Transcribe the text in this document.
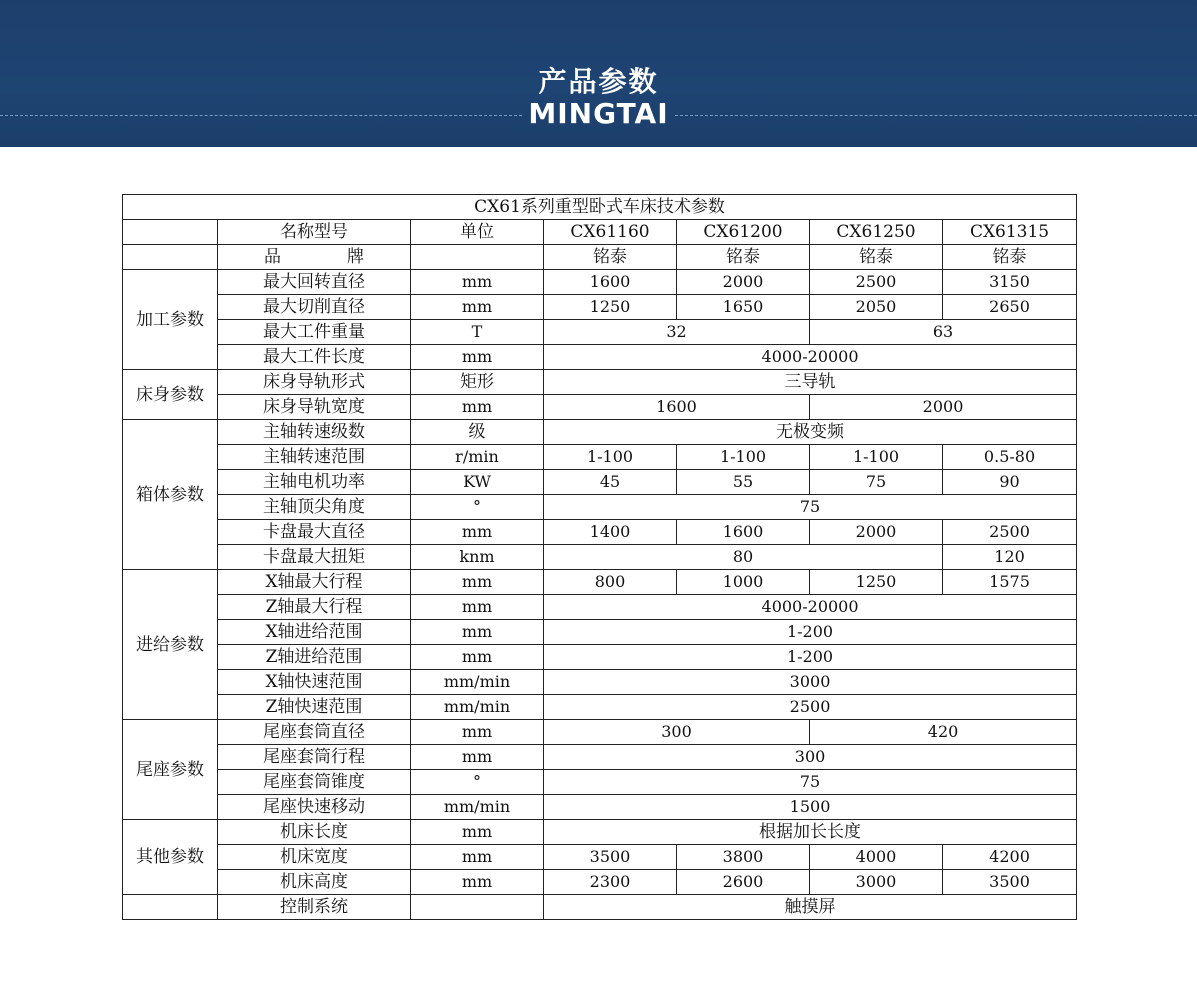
产品参数
MINGTAI
CX61系列重型卧式车床技术参数						
	名称型号	单位	CX61160	CX61200	CX61250	CX61315
	品 牌		铭泰	铭泰	铭泰	铭泰
加工参数	最大回转直径	mm	1600	2000	2500	3150
	最大切削直径	mm	1250	1650	2050	2650
	最大工件重量	T	32		63	
	最大工件长度	mm	4000-20000			
床身参数	床身导轨形式	矩形	三导轨			
	床身导轨宽度	mm	1600		2000	
箱体参数	主轴转速级数	级	无极变频			
	主轴转速范围	r/min	1-100	1-100	1-100	0.5-80
	主轴电机功率	KW	45	55	75	90
	主轴顶尖角度	°	75			
	卡盘最大直径	mm	1400	1600	2000	2500
	卡盘最大扭矩	knm	80			120
进给参数	X轴最大行程	mm	800	1000	1250	1575
	Z轴最大行程	mm	4000-20000			
	X轴进给范围	mm	1-200			
	Z轴进给范围	mm	1-200			
	X轴快速范围	mm/min	3000			
	Z轴快速范围	mm/min	2500			
尾座参数	尾座套筒直径	mm	300		420	
	尾座套筒行程	mm	300			
	尾座套筒锥度	°	75			
	尾座快速移动	mm/min	1500			
其他参数	机床长度	mm	根据加长长度			
	机床宽度	mm	3500	3800	4000	4200
	机床高度	mm	2300	2600	3000	3500
	控制系统		触摸屏			
